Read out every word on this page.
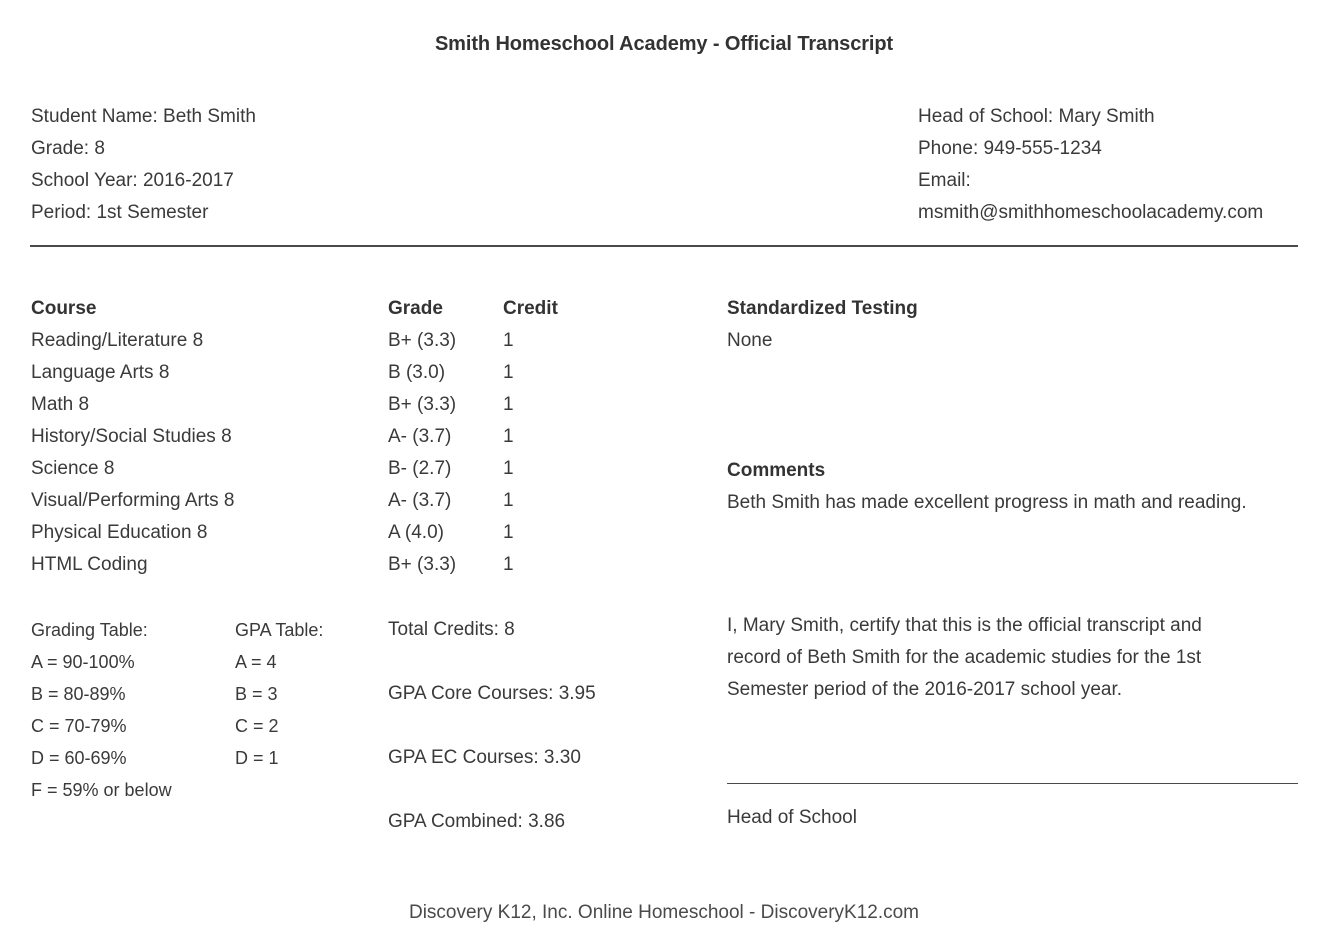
Smith Homeschool Academy - Official Transcript
Student Name: Beth Smith
Grade: 8
School Year: 2016-2017
Period: 1st Semester
Head of School: Mary Smith
Phone: 949-555-1234
Email:
msmith@smithhomeschoolacademy.com
Course	Grade	Credit
Reading/Literature 8	B+ (3.3) 1
Language Arts 8	B (3.0)	1
Math 8	B+ (3.3) 1
History/Social Studies 8	A- (3.7)	1
Science 8	B- (2.7)	1
Visual/Performing Arts 8	A- (3.7)	1
Physical Education 8	A (4.0)	1
HTML Coding	B+ (3.3) 1
Grading Table:	GPA Table:
A = 90-100%	A = 4
B = 80-89%	B = 3
C = 70-79%	C = 2
D = 60-69%	D = 1
F = 59% or below
Total Credits: 8
GPA Core Courses: 3.95
GPA EC Courses: 3.30
GPA Combined: 3.86
Standardized Testing
None
Comments
Beth Smith has made excellent progress in math and reading.
I, Mary Smith, certify that this is the official transcript and record of Beth Smith for the academic studies for the 1st Semester period of the 2016-2017 school year.
Head of School
Discovery K12, Inc. Online Homeschool - DiscoveryK12.com
